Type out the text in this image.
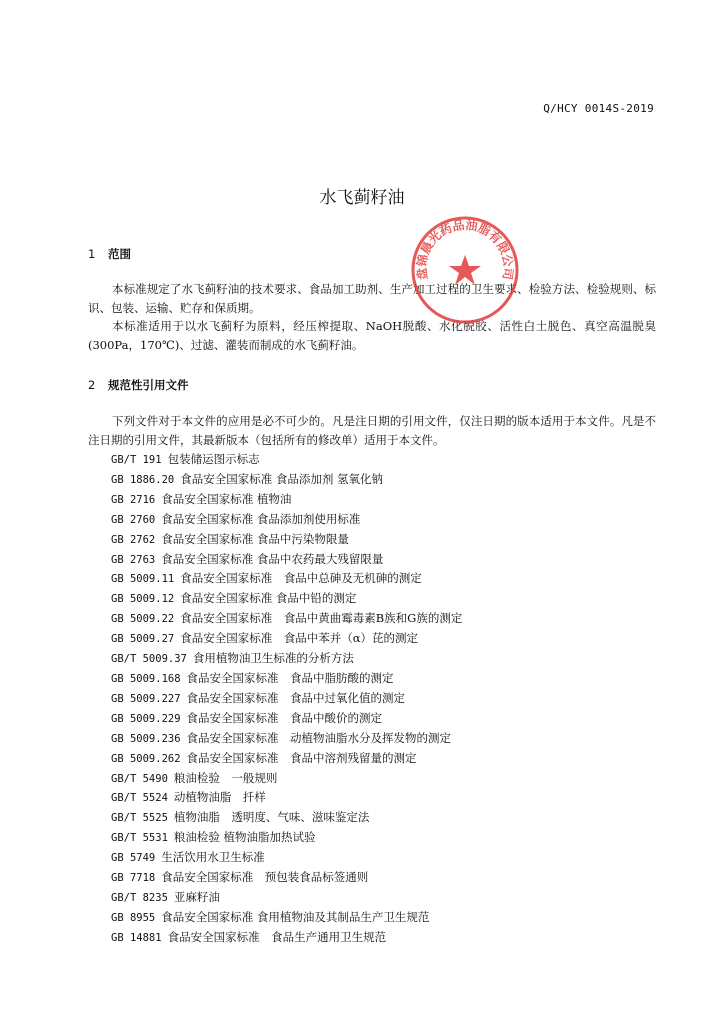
Q/HCY 0014S-2019
水飞蓟籽油
1 范围

本标准规定了水飞蓟籽油的技术要求、食品加工助剂、生产加工过程的卫生要求、检验方法、检验规则、标识、包装、运输、贮存和保质期。

本标准适用于以水飞蓟籽为原料，经压榨提取、NaOH脱酸、水化脱胶、活性白土脱色、真空高温脱臭(300Pa，170℃)、过滤、灌装而制成的水飞蓟籽油。

2 规范性引用文件

下列文件对于本文件的应用是必不可少的。凡是注日期的引用文件，仅注日期的版本适用于本文件。凡是不注日期的引用文件，其最新版本（包括所有的修改单）适用于本文件。

GB/T 191 包装储运图示标志
GB 1886.20 食品安全国家标准 食品添加剂 氢氧化钠
GB 2716 食品安全国家标准 植物油
GB 2760 食品安全国家标准 食品添加剂使用标准
GB 2762 食品安全国家标准 食品中污染物限量
GB 2763 食品安全国家标准 食品中农药最大残留限量
GB 5009.11 食品安全国家标准　食品中总砷及无机砷的测定
GB 5009.12 食品安全国家标准 食品中铅的测定
GB 5009.22 食品安全国家标准　食品中黄曲霉毒素B族和G族的测定
GB 5009.27 食品安全国家标准　食品中苯并（α）芘的测定
GB/T 5009.37 食用植物油卫生标准的分析方法
GB 5009.168 食品安全国家标准　食品中脂肪酸的测定
GB 5009.227 食品安全国家标准　食品中过氧化值的测定
GB 5009.229 食品安全国家标准　食品中酸价的测定
GB 5009.236 食品安全国家标准　动植物油脂水分及挥发物的测定
GB 5009.262 食品安全国家标准　食品中溶剂残留量的测定
GB/T 5490 粮油检验　一般规则
GB/T 5524 动植物油脂　扦样
GB/T 5525 植物油脂　透明度、气味、滋味鉴定法
GB/T 5531 粮油检验 植物油脂加热试验
GB 5749 生活饮用水卫生标准
GB 7718 食品安全国家标准　预包装食品标签通则
GB/T 8235 亚麻籽油
GB 8955 食品安全国家标准 食用植物油及其制品生产卫生规范
GB 14881 食品安全国家标准　食品生产通用卫生规范
盘锦晨光药品油脂有限公司
